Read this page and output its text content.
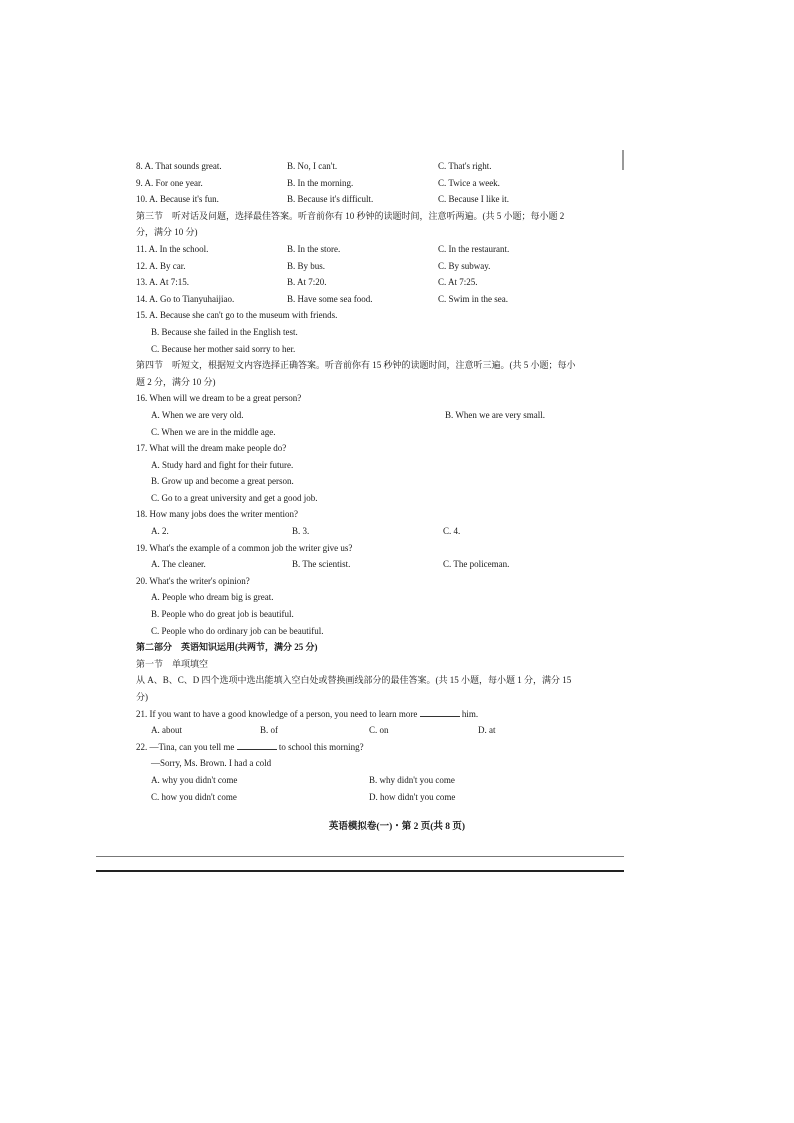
8. A. That sounds great.	B. No, I can't.	C. That's right.
9. A. For one year.	B. In the morning.	C. Twice a week.
10. A. Because it's fun.	B. Because it's difficult.	C. Because I like it.
第三节　听对话及问题，选择最佳答案。听音前你有 10 秒钟的读题时间，注意听两遍。(共 5 小题；每小题 2 分，满分 10 分)
11. A. In the school.	B. In the store.	C. In the restaurant.
12. A. By car.	B. By bus.	C. By subway.
13. A. At 7:15.	B. At 7:20.	C. At 7:25.
14. A. Go to Tianyuhaijiao.	B. Have some sea food.	C. Swim in the sea.
15. A. Because she can't go to the museum with friends.
B. Because she failed in the English test.
C. Because her mother said sorry to her.
第四节　听短文，根据短文内容选择正确答案。听音前你有 15 秒钟的读题时间，注意听三遍。(共 5 小题；每小题 2 分，满分 10 分)
16. When will we dream to be a great person?
A. When we are very old.	B. When we are very small.
C. When we are in the middle age.
17. What will the dream make people do?
A. Study hard and fight for their future.
B. Grow up and become a great person.
C. Go to a great university and get a good job.
18. How many jobs does the writer mention?
A. 2.	B. 3.	C. 4.
19. What's the example of a common job the writer give us?
A. The cleaner.	B. The scientist.	C. The policeman.
20. What's the writer's opinion?
A. People who dream big is great.
B. People who do great job is beautiful.
C. People who do ordinary job can be beautiful.
第二部分　英语知识运用(共两节，满分 25 分)
第一节　单项填空
从 A、B、C、D 四个选项中选出能填入空白处或替换画线部分的最佳答案。(共 15 小题，每小题 1 分，满分 15 分)
21. If you want to have a good knowledge of a person, you need to learn more	him.
A. about	B. of	C. on	D. at
22. —Tina, can you tell me	to school this morning?
—Sorry, Ms. Brown. I had a cold
A. why you didn't come	B. why didn't you come
C. how you didn't come	D. how didn't you come
英语模拟卷(一)・第 2 页(共 8 页)
